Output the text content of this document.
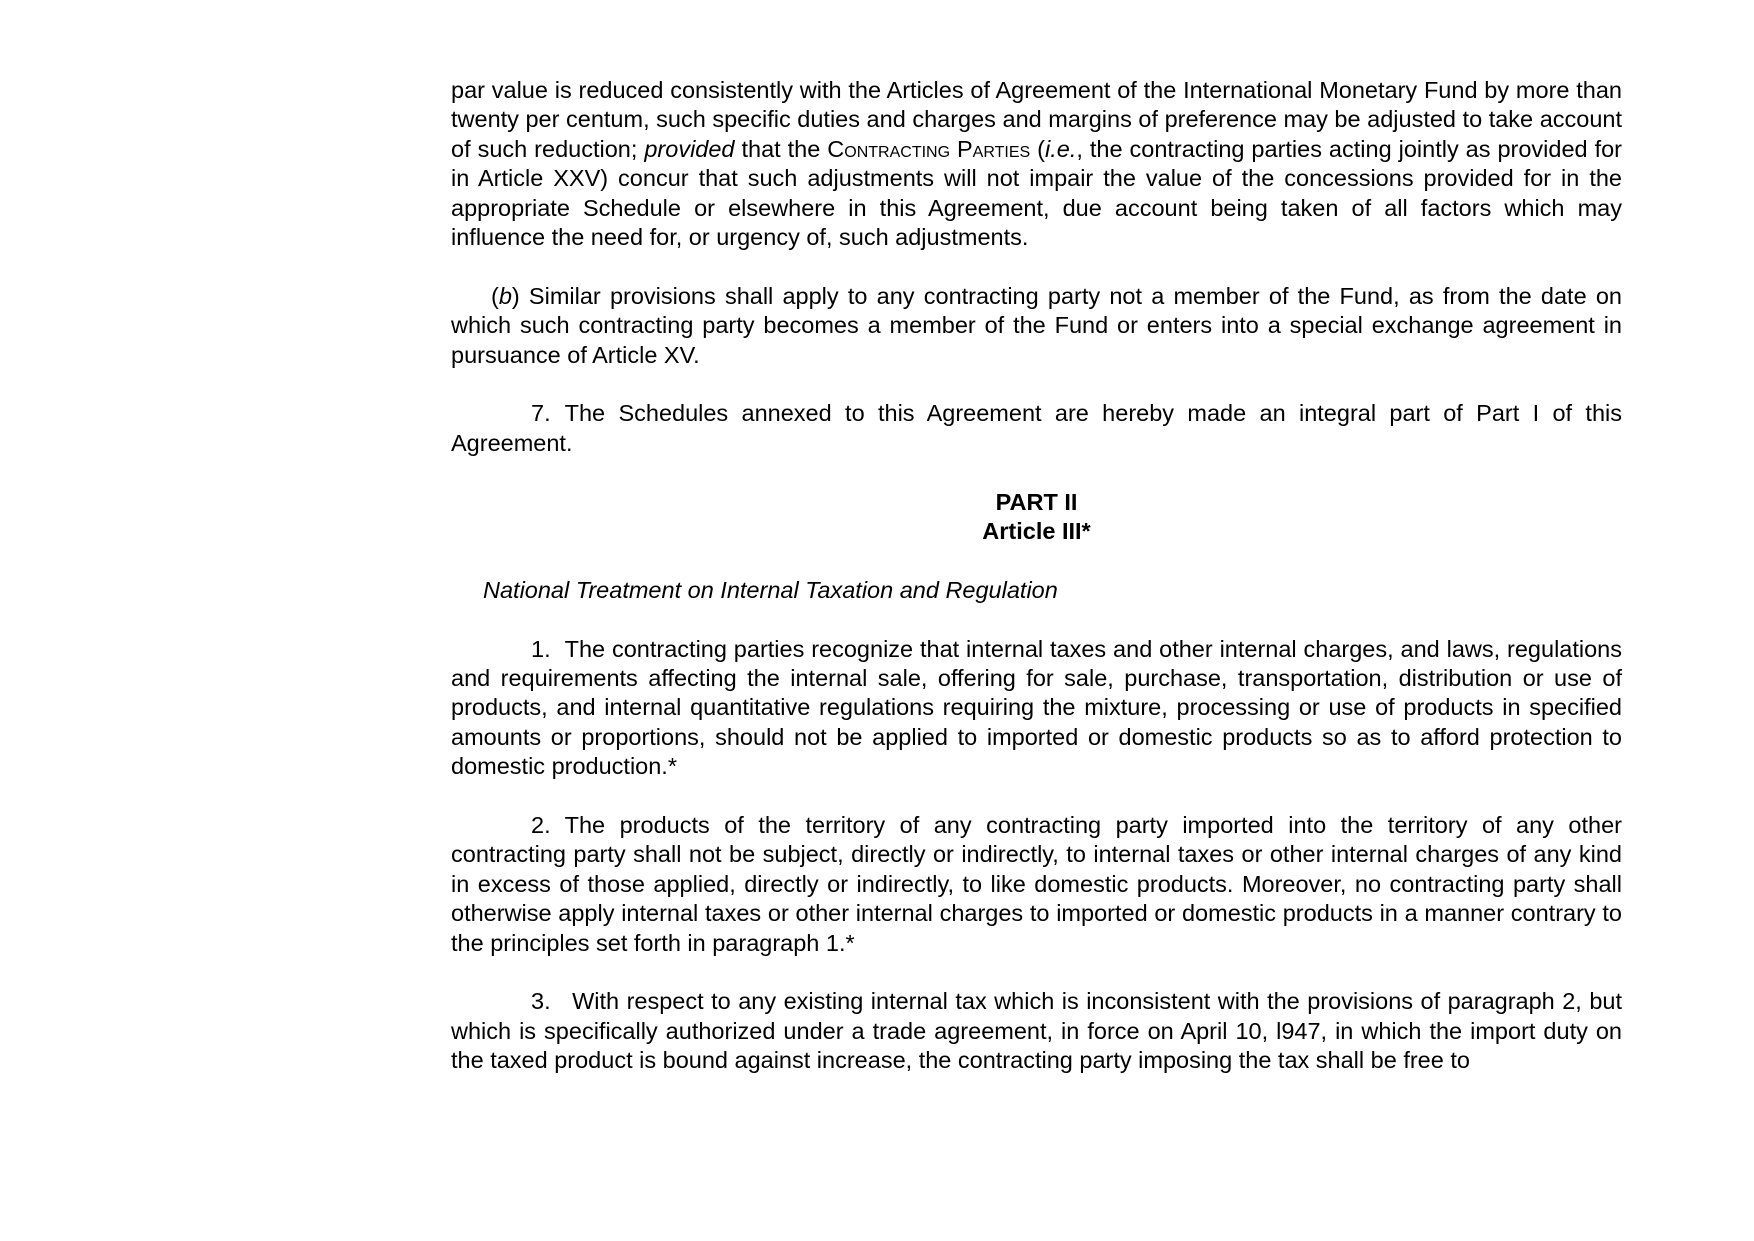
par value is reduced consistently with the Articles of Agreement of the International Monetary Fund by more than twenty per centum, such specific duties and charges and margins of preference may be adjusted to take account of such reduction; provided that the Contracting Parties (i.e., the contracting parties acting jointly as provided for in Article XXV) concur that such adjustments will not impair the value of the concessions provided for in the appropriate Schedule or elsewhere in this Agreement, due account being taken of all factors which may influence the need for, or urgency of, such adjustments.

(b) Similar provisions shall apply to any contracting party not a member of the Fund, as from the date on which such contracting party becomes a member of the Fund or enters into a special exchange agreement in pursuance of Article XV.

7. The Schedules annexed to this Agreement are hereby made an integral part of Part I of this Agreement.

PART II

Article III*

National Treatment on Internal Taxation and Regulation

1. The contracting parties recognize that internal taxes and other internal charges, and laws, regulations and requirements affecting the internal sale, offering for sale, purchase, transportation, distribution or use of products, and internal quantitative regulations requiring the mixture, processing or use of products in specified amounts or proportions, should not be applied to imported or domestic products so as to afford protection to domestic production.*

2. The products of the territory of any contracting party imported into the territory of any other contracting party shall not be subject, directly or indirectly, to internal taxes or other internal charges of any kind in excess of those applied, directly or indirectly, to like domestic products. Moreover, no contracting party shall otherwise apply internal taxes or other internal charges to imported or domestic products in a manner contrary to the principles set forth in paragraph 1.*

3. With respect to any existing internal tax which is inconsistent with the provisions of paragraph 2, but which is specifically authorized under a trade agreement, in force on April 10, l947, in which the import duty on the taxed product is bound against increase, the contracting party imposing the tax shall be free to
